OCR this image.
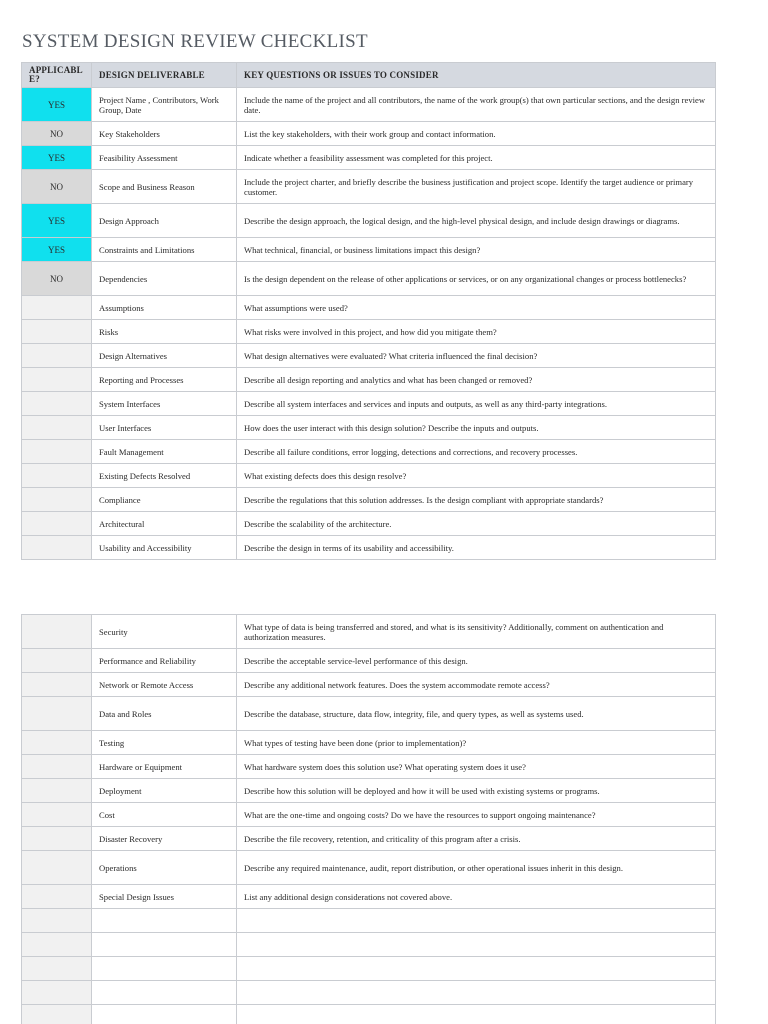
SYSTEM DESIGN REVIEW CHECKLIST
APPLICABL E?	DESIGN DELIVERABLE	KEY QUESTIONS OR ISSUES TO CONSIDER
YES	Project Name , Contributors, Work Group, Date	Include the name of the project and all contributors, the name of the work group(s) that own particular sections, and the design review date.
NO	Key Stakeholders	List the key stakeholders, with their work group and contact information.
YES	Feasibility Assessment	Indicate whether a feasibility assessment was completed for this project.
NO	Scope and Business Reason	Include the project charter, and briefly describe the business justification and project scope. Identify the target audience or primary customer.
YES	Design Approach	Describe the design approach, the logical design, and the high-level physical design, and include design drawings or diagrams.
YES	Constraints and Limitations	What technical, financial, or business limitations impact this design?
NO	Dependencies	Is the design dependent on the release of other applications or services, or on any organizational changes or process bottlenecks?
	Assumptions	What assumptions were used?
	Risks	What risks were involved in this project, and how did you mitigate them?
	Design Alternatives	What design alternatives were evaluated? What criteria influenced the final decision?
	Reporting and Processes	Describe all design reporting and analytics and what has been changed or removed?
	System Interfaces	Describe all system interfaces and services and inputs and outputs, as well as any third-party integrations.
	User Interfaces	How does the user interact with this design solution? Describe the inputs and outputs.
	Fault Management	Describe all failure conditions, error logging, detections and corrections, and recovery processes.
	Existing Defects Resolved	What existing defects does this design resolve?
	Compliance	Describe the regulations that this solution addresses. Is the design compliant with appropriate standards?
	Architectural	Describe the scalability of the architecture.
	Usability and Accessibility	Describe the design in terms of its usability and accessibility.
	Security	What type of data is being transferred and stored, and what is its sensitivity? Additionally, comment on authentication and authorization measures.
	Performance and Reliability	Describe the acceptable service-level performance of this design.
	Network or Remote Access	Describe any additional network features. Does the system accommodate remote access?
	Data and Roles	Describe the database, structure, data flow, integrity, file, and query types, as well as systems used.
	Testing	What types of testing have been done (prior to implementation)?
	Hardware or Equipment	What hardware system does this solution use? What operating system does it use?
	Deployment	Describe how this solution will be deployed and how it will be used with existing systems or programs.
	Cost	What are the one-time and ongoing costs? Do we have the resources to support ongoing maintenance?
	Disaster Recovery	Describe the file recovery, retention, and criticality of this program after a crisis.
	Operations	Describe any required maintenance, audit, report distribution, or other operational issues inherit in this design.
	Special Design Issues	List any additional design considerations not covered above.
